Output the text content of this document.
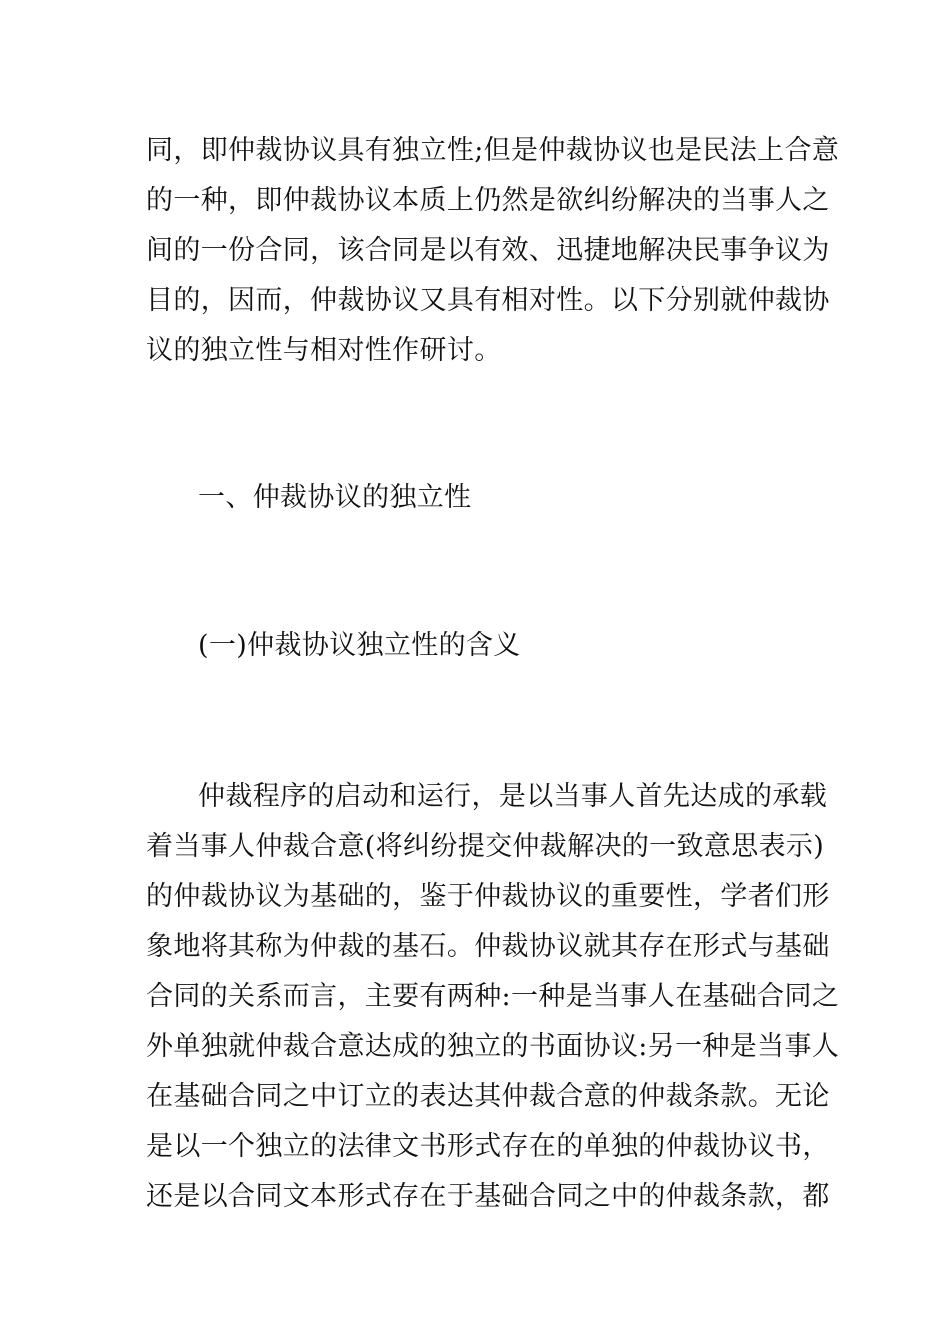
同，即仲裁协议具有独立性;但是仲裁协议也是民法上合意
的一种，即仲裁协议本质上仍然是欲纠纷解决的当事人之
间的一份合同，该合同是以有效、迅捷地解决民事争议为
目的，因而，仲裁协议又具有相对性。以下分别就仲裁协
议的独立性与相对性作研讨。
一、仲裁协议的独立性
(一)仲裁协议独立性的含义
仲裁程序的启动和运行，是以当事人首先达成的承载
着当事人仲裁合意(将纠纷提交仲裁解决的一致意思表示)
的仲裁协议为基础的，鉴于仲裁协议的重要性，学者们形
象地将其称为仲裁的基石。仲裁协议就其存在形式与基础
合同的关系而言，主要有两种:一种是当事人在基础合同之
外单独就仲裁合意达成的独立的书面协议:另一种是当事人
在基础合同之中订立的表达其仲裁合意的仲裁条款。无论
是以一个独立的法律文书形式存在的单独的仲裁协议书，
还是以合同文本形式存在于基础合同之中的仲裁条款，都
